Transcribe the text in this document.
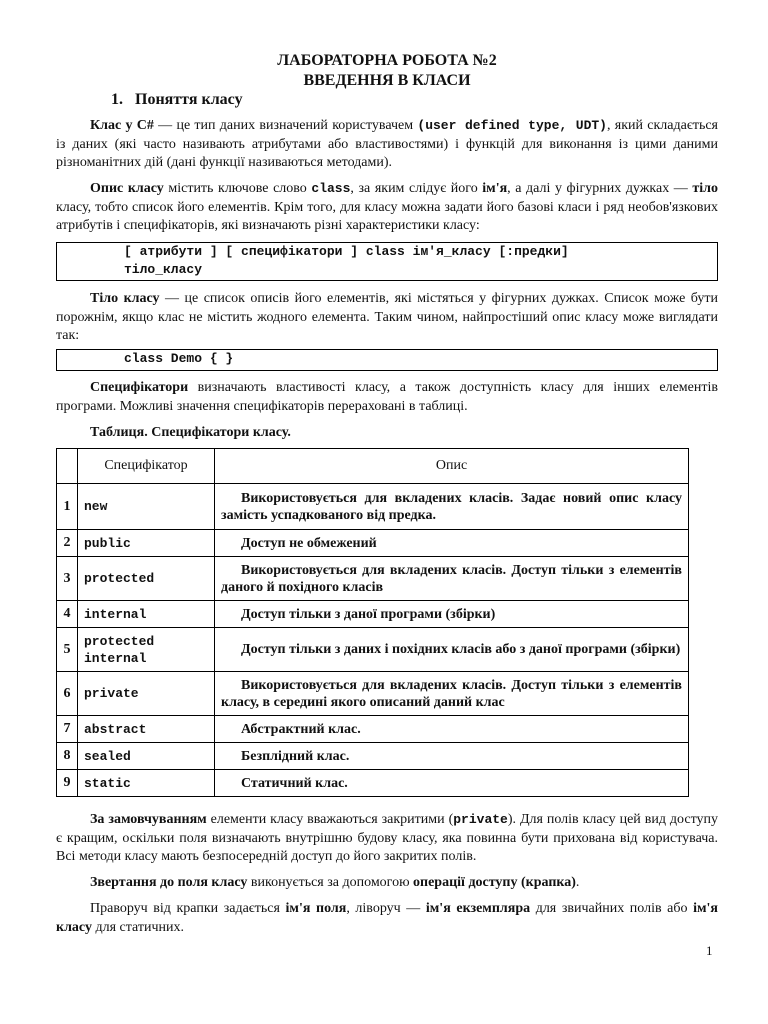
ЛАБОРАТОРНА РОБОТА №2
ВВЕДЕННЯ В КЛАСИ
1. Поняття класу

Клас у C# — це тип даних визначений користувачем (user defined type, UDT), який складається із даних (які часто називають атрибутами або властивостями) і функцій для виконання із цими даними різноманітних дій (дані функції називаються методами).

Опис класу містить ключове слово class, за яким слідує його ім'я, а далі у фігурних дужках — тіло класу, тобто список його елементів. Крім того, для класу можна задати його базові класи і ряд необов'язкових атрибутів і специфікаторів, які визначають різні характеристики класу:

[ атрибути ] [ специфікатори ] class ім'я_класу [:предки]
тіло_класу

Тіло класу — це список описів його елементів, які містяться у фігурних дужках. Список може бути порожнім, якщо клас не містить жодного елемента. Таким чином, найпростіший опис класу може виглядати так:

class Demo { }

Специфікатори визначають властивості класу, а також доступність класу для інших елементів програми. Можливі значення специфікаторів перераховані в таблиці.

Таблиця. Специфікатори класу.

	Специфікатор	Опис
1	new	Використовується для вкладених класів. Задає новий опис класу замість успадкованого від предка.
2	public	Доступ не обмежений
3	protected	Використовується для вкладених класів. Доступ тільки з елементів даного й похідного класів
4	internal	Доступ тільки з даної програми (збірки)
5	protected internal	Доступ тільки з даних і похідних класів або з даної програми (збірки)
6	private	Використовується для вкладених класів. Доступ тільки з елементів класу, в середині якого описаний даний клас
7	abstract	Абстрактний клас.
8	sealed	Безплідний клас.
9	static	Статичний клас.

За замовчуванням елементи класу вважаються закритими (private). Для полів класу цей вид доступу є кращим, оскільки поля визначають внутрішню будову класу, яка повинна бути прихована від користувача. Всі методи класу мають безпосередній доступ до його закритих полів.

Звертання до поля класу виконується за допомогою операції доступу (крапка).

Праворуч від крапки задається ім'я поля, ліворуч — ім'я екземпляра для звичайних полів або ім'я класу для статичних.

1
